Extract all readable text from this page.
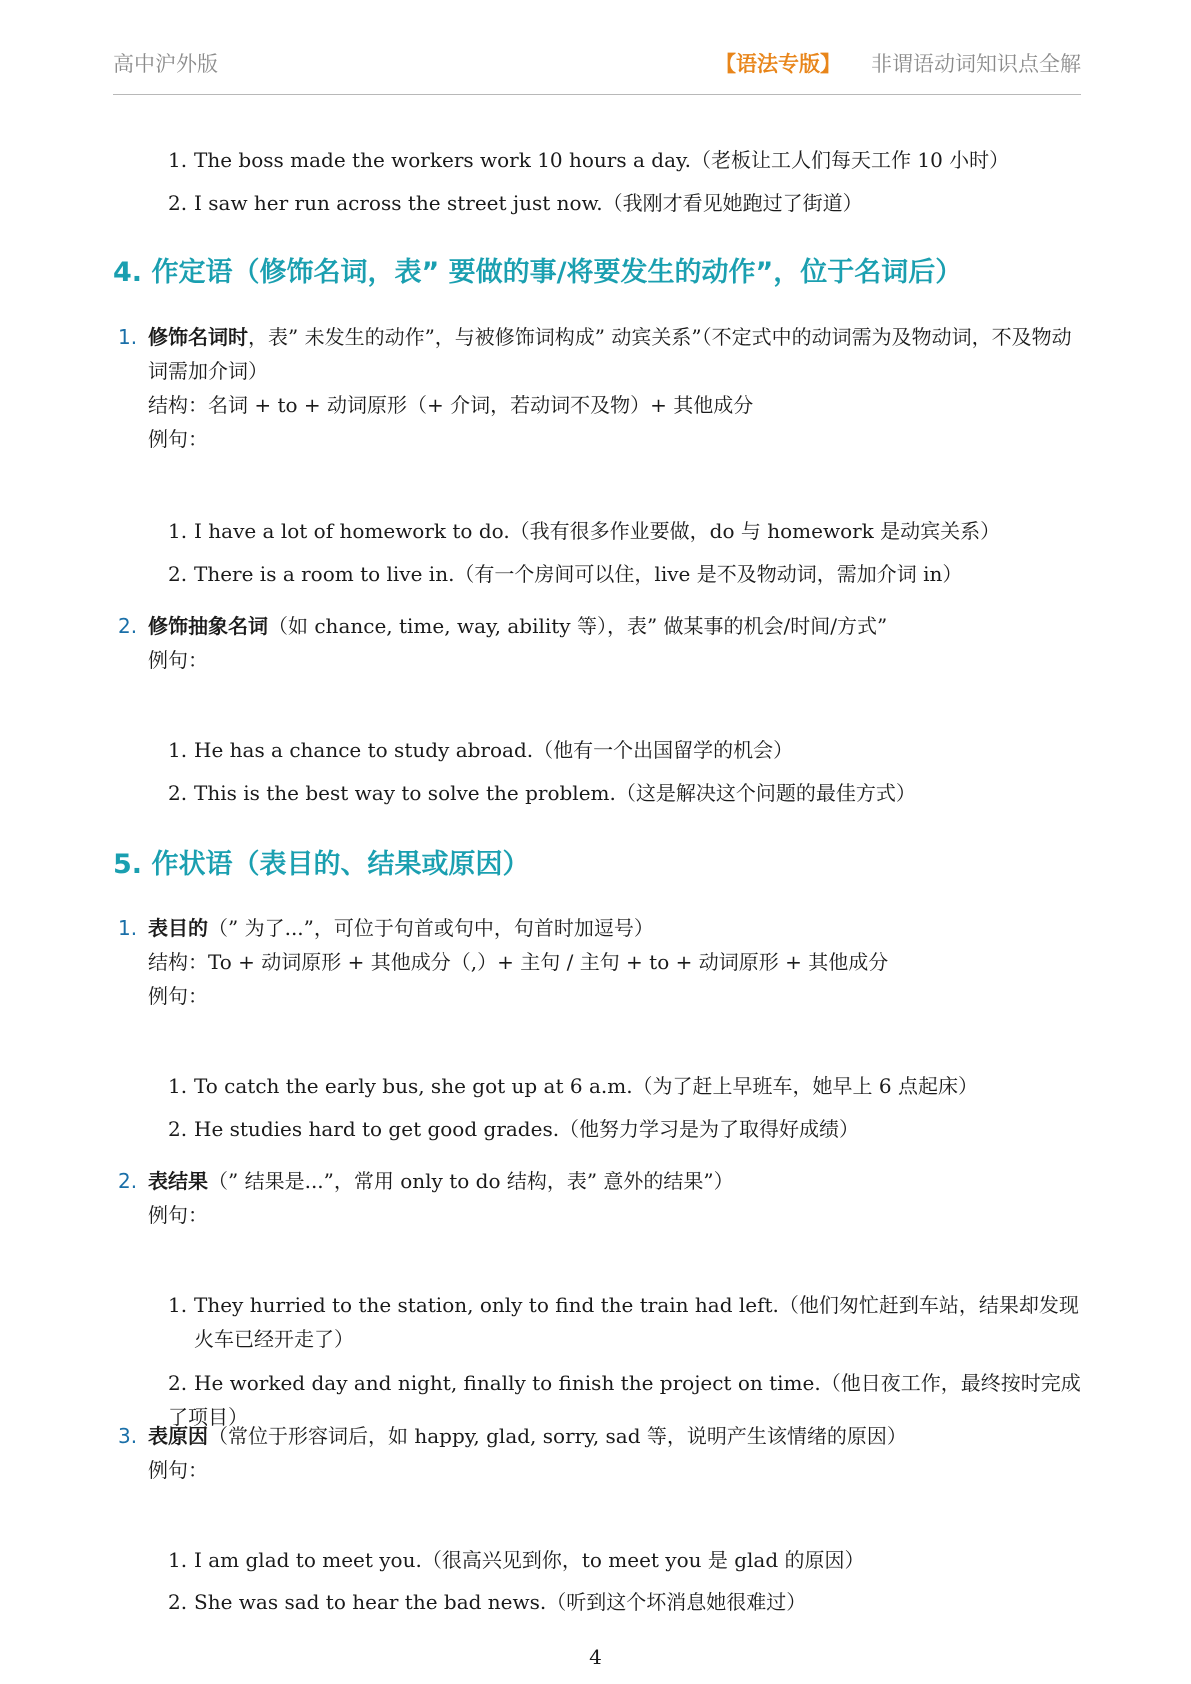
高中沪外版	【语法专版】 非谓语动词知识点全解
1. The boss made the workers work 10 hours a day.（老板让工人们每天工作 10 小时）
2. I saw her run across the street just now.（我刚才看见她跑过了街道）
4. 作定语（修饰名词，表” 要做的事/将要发生的动作”，位于名词后）
1. 修饰名词时，表” 未发生的动作”，与被修饰词构成” 动宾关系”（不定式中的动词需为及物动词，不及物动词需加介词）
结构：名词 + to + 动词原形（+ 介词，若动词不及物）+ 其他成分
例句：
1. I have a lot of homework to do.（我有很多作业要做，do 与 homework 是动宾关系）
2. There is a room to live in.（有一个房间可以住，live 是不及物动词，需加介词 in）
2. 修饰抽象名词（如 chance, time, way, ability 等），表” 做某事的机会/时间/方式”
例句：
1. He has a chance to study abroad.（他有一个出国留学的机会）
2. This is the best way to solve the problem.（这是解决这个问题的最佳方式）
5. 作状语（表目的、结果或原因）
1. 表目的（” 为了...”，可位于句首或句中，句首时加逗号）
结构：To + 动词原形 + 其他成分（,）+ 主句 / 主句 + to + 动词原形 + 其他成分
例句：
1. To catch the early bus, she got up at 6 a.m.（为了赶上早班车，她早上 6 点起床）
2. He studies hard to get good grades.（他努力学习是为了取得好成绩）
2. 表结果（” 结果是...”，常用 only to do 结构，表” 意外的结果”）
例句：
1. They hurried to the station, only to find the train had left.（他们匆忙赶到车站，结果却发现火车已经开走了）
2. He worked day and night, finally to finish the project on time.（他日夜工作，最终按时完成了项目）
3. 表原因（常位于形容词后，如 happy, glad, sorry, sad 等，说明产生该情绪的原因）
例句：
1. I am glad to meet you.（很高兴见到你，to meet you 是 glad 的原因）
2. She was sad to hear the bad news.（听到这个坏消息她很难过）
4
